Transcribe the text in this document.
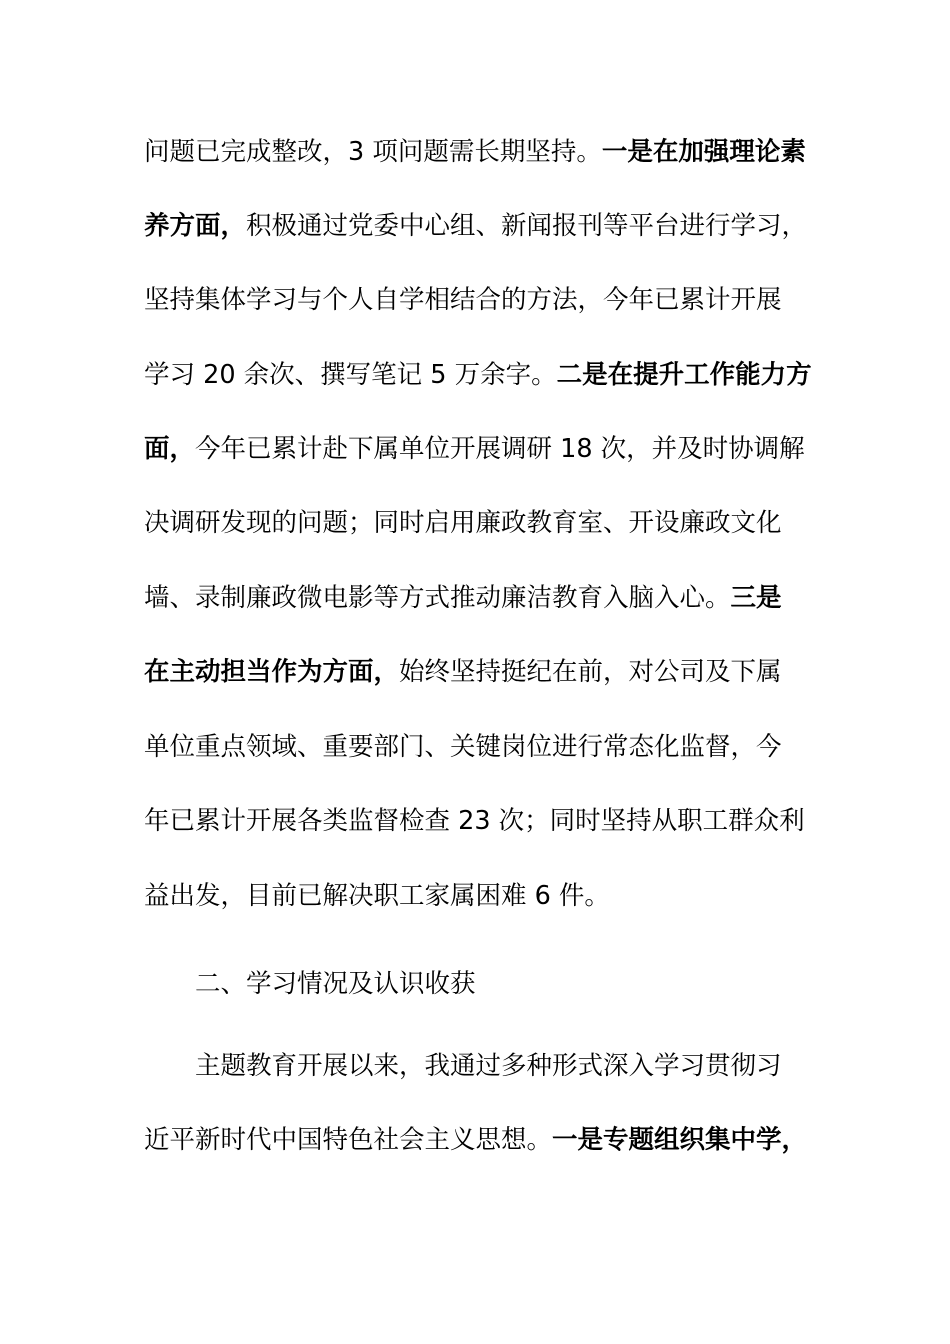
问题已完成整改，3 项问题需长期坚持。一是在加强理论素
养方面，积极通过党委中心组、新闻报刊等平台进行学习，
坚持集体学习与个人自学相结合的方法，今年已累计开展
学习 20 余次、撰写笔记 5 万余字。二是在提升工作能力方
面，今年已累计赴下属单位开展调研 18 次，并及时协调解
决调研发现的问题；同时启用廉政教育室、开设廉政文化
墙、录制廉政微电影等方式推动廉洁教育入脑入心。三是
在主动担当作为方面，始终坚持挺纪在前，对公司及下属
单位重点领域、重要部门、关键岗位进行常态化监督，今
年已累计开展各类监督检查 23 次；同时坚持从职工群众利
益出发，目前已解决职工家属困难 6 件。
二、学习情况及认识收获
主题教育开展以来，我通过多种形式深入学习贯彻习
近平新时代中国特色社会主义思想。一是专题组织集中学，
